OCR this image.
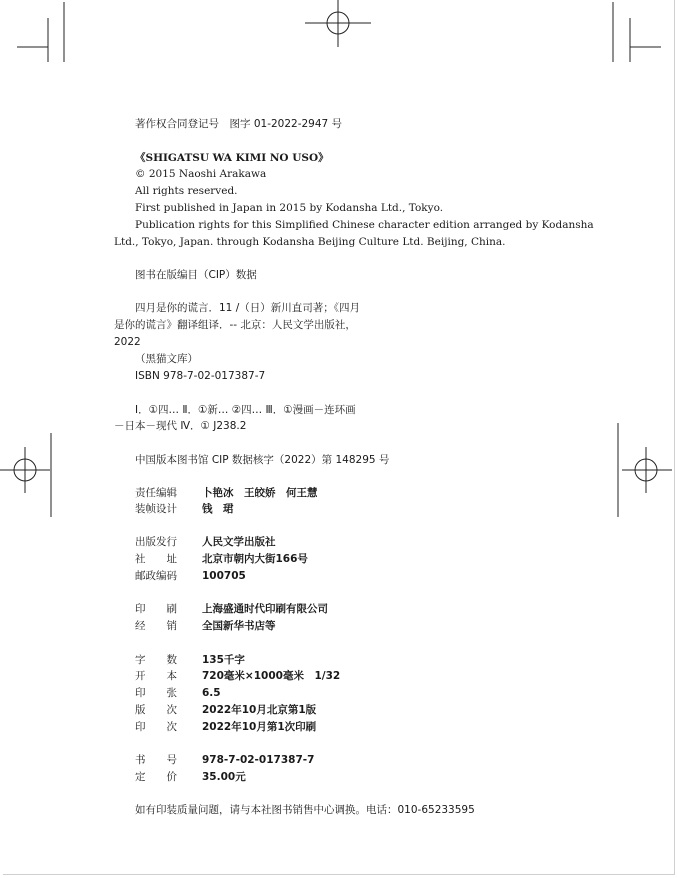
著作权合同登记号　图字 01-2022-2947 号
《SHIGATSU WA KIMI NO USO》
© 2015 Naoshi Arakawa
All rights reserved.
First published in Japan in 2015 by Kodansha Ltd., Tokyo.
Publication rights for this Simplified Chinese character edition arranged by Kodansha
Ltd., Tokyo, Japan. through Kodansha Beijing Culture Ltd. Beijing, China.
图书在版编目（CIP）数据
四月是你的谎言．11 /（日）新川直司著；《四月
是你的谎言》翻译组译．-- 北京：人民文学出版社，
2022
（黑猫文库）
ISBN 978-7-02-017387-7
Ⅰ．①四… Ⅱ．①新… ②四… Ⅲ．①漫画－连环画
－日本－现代 Ⅳ．① J238.2
中国版本图书馆 CIP 数据核字（2022）第 148295 号
责任编辑 卜艳冰　王皎娇　何王慧
装帧设计 钱　珺
出版发行 人民文学出版社
社　　址 北京市朝内大街166号
邮政编码 100705
印　　刷 上海盛通时代印刷有限公司
经　　销 全国新华书店等
字　　数 135千字
开　　本 720毫米×1000毫米　1/32
印　　张 6.5
版　　次 2022年10月北京第1版
印　　次 2022年10月第1次印刷
书　　号 978-7-02-017387-7
定　　价 35.00元
如有印装质量问题，请与本社图书销售中心调换。电话：010-65233595
